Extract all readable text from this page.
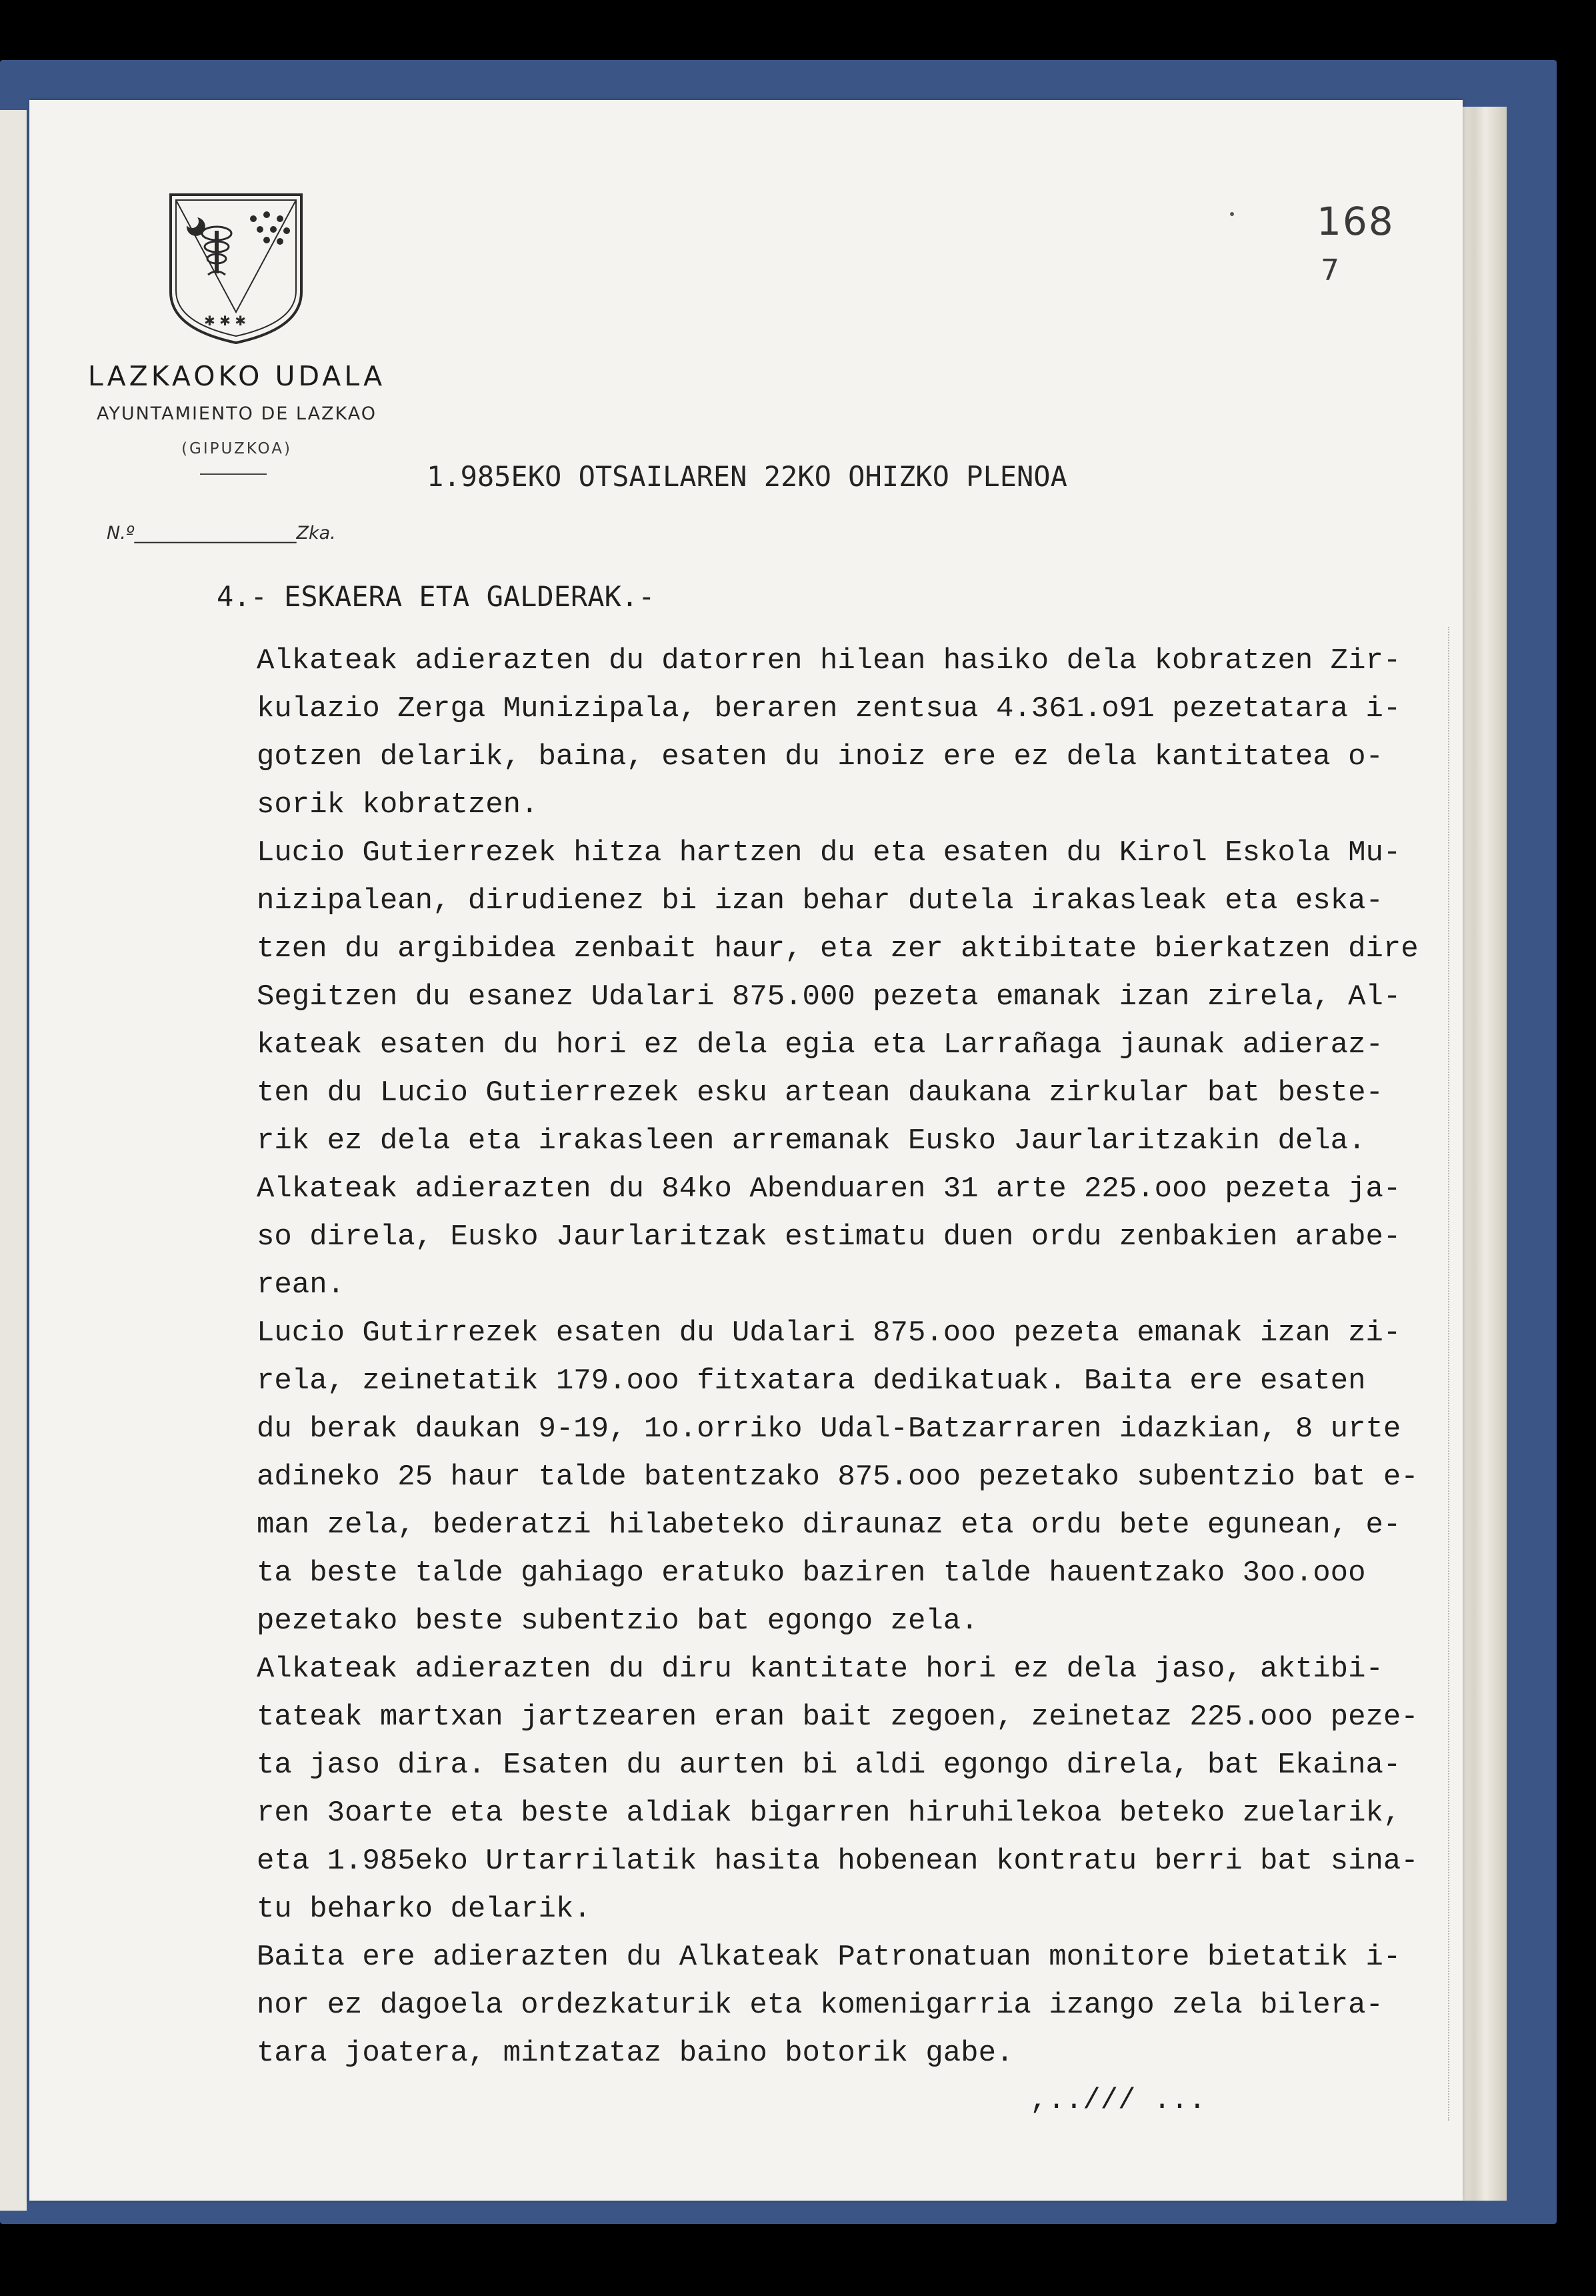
✱ ✱ ✱
LAZKAOKO UDALA
AYUNTAMIENTO DE LAZKAO
(GIPUZKOA)
N.º__________________Zka.
168
7
1.985EKO OTSAILAREN 22KO OHIZKO PLENOA
4.- ESKAERA ETA GALDERAK.-
Alkateak adierazten du datorren hilean hasiko dela kobratzen Zir-
kulazio Zerga Munizipala, beraren zentsua 4.361.o91 pezetatara i-
gotzen delarik, baina, esaten du inoiz ere ez dela kantitatea o-
sorik kobratzen.
Lucio Gutierrezek hitza hartzen du eta esaten du Kirol Eskola Mu-
nizipalean, dirudienez bi izan behar dutela irakasleak eta eska-
tzen du argibidea zenbait haur, eta zer aktibitate bierkatzen dire
Segitzen du esanez Udalari 875.000 pezeta emanak izan zirela, Al-
kateak esaten du hori ez dela egia eta Larrañaga jaunak adieraz-
ten du Lucio Gutierrezek esku artean daukana zirkular bat beste-
rik ez dela eta irakasleen arremanak Eusko Jaurlaritzakin dela.
Alkateak adierazten du 84ko Abenduaren 31 arte 225.ooo pezeta ja-
so direla, Eusko Jaurlaritzak estimatu duen ordu zenbakien arabe-
rean.
Lucio Gutirrezek esaten du Udalari 875.ooo pezeta emanak izan zi-
rela, zeinetatik 179.ooo fitxatara dedikatuak. Baita ere esaten
du berak daukan 9-19, 1o.orriko Udal-Batzarraren idazkian, 8 urte
adineko 25 haur talde batentzako 875.ooo pezetako subentzio bat e-
man zela, bederatzi hilabeteko diraunaz eta ordu bete egunean, e-
ta beste talde gahiago eratuko baziren talde hauentzako 3oo.ooo
pezetako beste subentzio bat egongo zela.
Alkateak adierazten du diru kantitate hori ez dela jaso, aktibi-
tateak martxan jartzearen eran bait zegoen, zeinetaz 225.ooo peze-
ta jaso dira. Esaten du aurten bi aldi egongo direla, bat Ekaina-
ren 3oarte eta beste aldiak bigarren hiruhilekoa beteko zuelarik,
eta 1.985eko Urtarrilatik hasita hobenean kontratu berri bat sina-
tu beharko delarik.
Baita ere adierazten du Alkateak Patronatuan monitore bietatik i-
nor ez dagoela ordezkaturik eta komenigarria izango zela bilera-
tara joatera, mintzataz baino botorik gabe.
,../// ...
